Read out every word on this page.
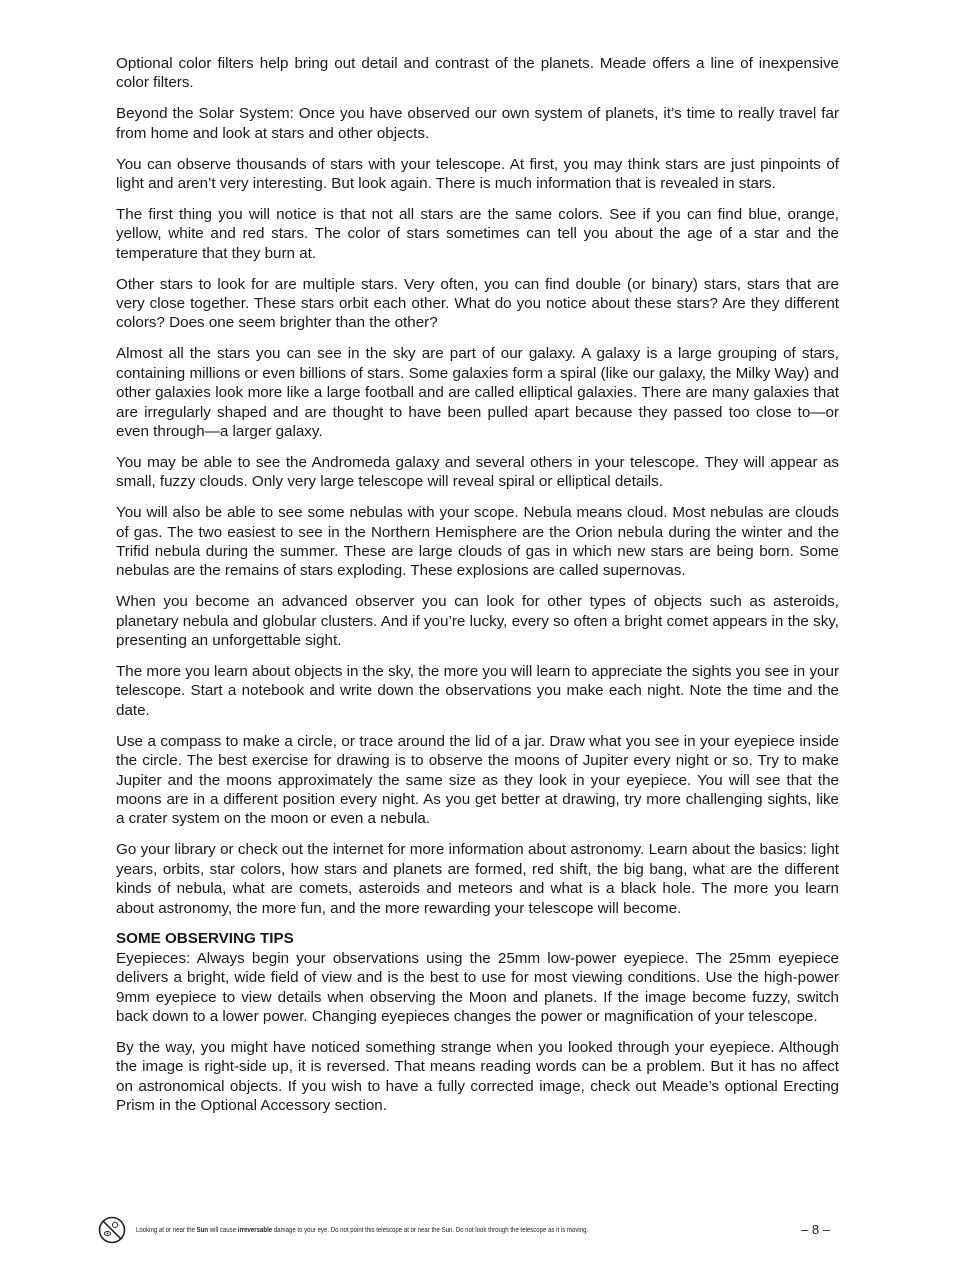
Optional color filters help bring out detail and contrast of the planets. Meade offers a line of inexpensive color filters.

Beyond the Solar System: Once you have observed our own system of planets, it’s time to really travel far from home and look at stars and other objects.

You can observe thousands of stars with your telescope. At first, you may think stars are just pinpoints of light and aren’t very interesting. But look again. There is much information that is revealed in stars.

The first thing you will notice is that not all stars are the same colors. See if you can find blue, orange, yellow, white and red stars. The color of stars sometimes can tell you about the age of a star and the temperature that they burn at.

Other stars to look for are multiple stars. Very often, you can find double (or binary) stars, stars that are very close together. These stars orbit each other. What do you notice about these stars? Are they different colors? Does one seem brighter than the other?

Almost all the stars you can see in the sky are part of our galaxy. A galaxy is a large grouping of stars, containing millions or even billions of stars. Some galaxies form a spiral (like our galaxy, the Milky Way) and other galaxies look more like a large football and are called elliptical galaxies. There are many galaxies that are irregularly shaped and are thought to have been pulled apart because they passed too close to—or even through—a larger galaxy.

You may be able to see the Andromeda galaxy and several others in your telescope. They will appear as small, fuzzy clouds. Only very large telescope will reveal spiral or elliptical details.

You will also be able to see some nebulas with your scope. Nebula means cloud. Most nebulas are clouds of gas. The two easiest to see in the Northern Hemisphere are the Orion nebula during the winter and the Trifid nebula during the summer. These are large clouds of gas in which new stars are being born. Some nebulas are the remains of stars exploding. These explosions are called supernovas.

When you become an advanced observer you can look for other types of objects such as asteroids, planetary nebula and globular clusters. And if you’re lucky, every so often a bright comet appears in the sky, presenting an unforgettable sight.

The more you learn about objects in the sky, the more you will learn to appreciate the sights you see in your telescope. Start a notebook and write down the observations you make each night. Note the time and the date.

Use a compass to make a circle, or trace around the lid of a jar. Draw what you see in your eyepiece inside the circle. The best exercise for drawing is to observe the moons of Jupiter every night or so. Try to make Jupiter and the moons approximately the same size as they look in your eyepiece. You will see that the moons are in a different position every night. As you get better at drawing, try more challenging sights, like a crater system on the moon or even a nebula.

Go your library or check out the internet for more information about astronomy. Learn about the basics: light years, orbits, star colors, how stars and planets are formed, red shift, the big bang, what are the different kinds of nebula, what are comets, asteroids and meteors and what is a black hole. The more you learn about astronomy, the more fun, and the more rewarding your telescope will become.

SOME OBSERVING TIPS

Eyepieces: Always begin your observations using the 25mm low-power eyepiece. The 25mm eyepiece delivers a bright, wide field of view and is the best to use for most viewing conditions. Use the high-power 9mm eyepiece to view details when observing the Moon and planets. If the image become fuzzy, switch back down to a lower power. Changing eyepieces changes the power or magnification of your telescope.

By the way, you might have noticed something strange when you looked through your eyepiece. Although the image is right-side up, it is reversed. That means reading words can be a problem. But it has no affect on astronomical objects. If you wish to have a fully corrected image, check out Meade’s optional Erecting Prism in the Optional Accessory section.

Looking at or near the Sun will cause irreversable damage to your eye. Do not point this telescope at or near the Sun. Do not look through the telescope as it is moving.	– 8 –
